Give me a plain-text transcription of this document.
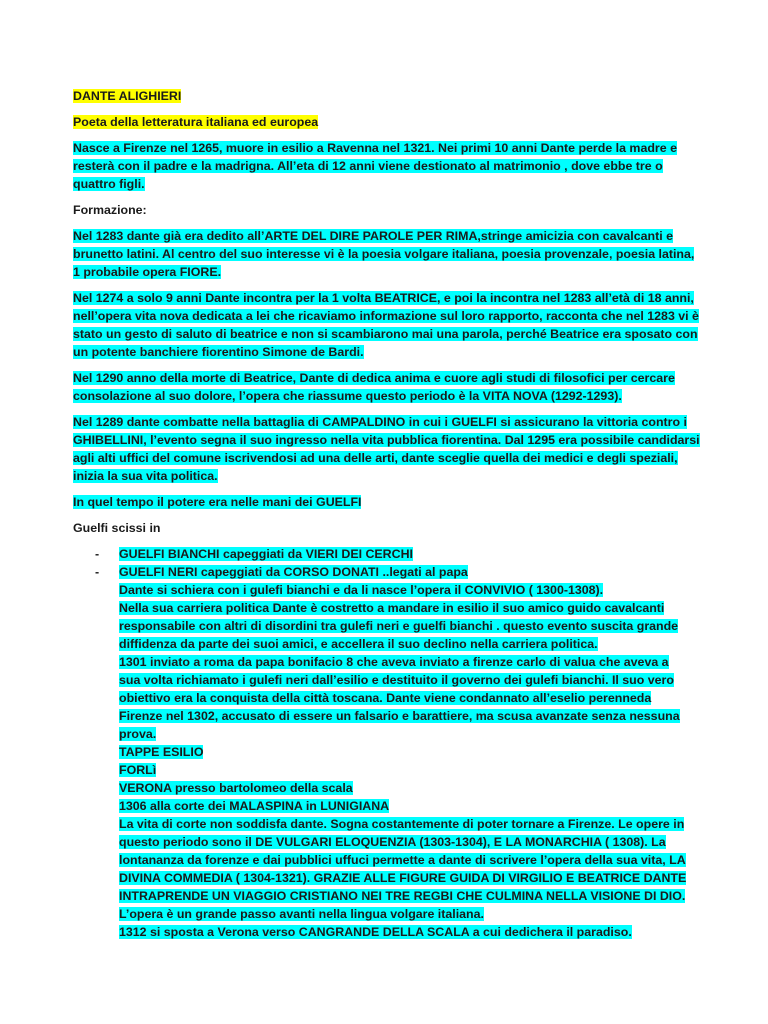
DANTE ALIGHIERI

Poeta della letteratura italiana ed europea

Nasce a Firenze nel 1265, muore in esilio a Ravenna nel 1321. Nei primi 10 anni Dante perde la madre e resterà con il padre e la madrigna. All’eta di 12 anni viene destionato al matrimonio , dove ebbe tre o quattro figli.

Formazione:

Nel 1283 dante già era dedito all’ARTE DEL DIRE PAROLE PER RIMA,stringe amicizia con cavalcanti e brunetto latini. Al centro del suo interesse vi è la poesia volgare italiana, poesia provenzale, poesia latina, 1 probabile opera FIORE.

Nel 1274 a solo 9 anni Dante incontra per la 1 volta BEATRICE, e poi la incontra nel 1283 all’età di 18 anni, nell’opera vita nova dedicata a lei che ricaviamo informazione sul loro rapporto, racconta che nel 1283 vi è stato un gesto di saluto di beatrice e non si scambiarono mai una parola, perché Beatrice era sposato con un potente banchiere fiorentino Simone de Bardi.

Nel 1290 anno della morte di Beatrice, Dante di dedica anima e cuore agli studi di filosofici per cercare consolazione al suo dolore, l’opera che riassume questo periodo è la VITA NOVA (1292-1293).

Nel 1289 dante combatte nella battaglia di CAMPALDINO in cui i GUELFI si assicurano la vittoria contro i GHIBELLINI, l’evento segna il suo ingresso nella vita pubblica fiorentina. Dal 1295 era possibile candidarsi agli alti uffici del comune iscrivendosi ad una delle arti, dante sceglie quella dei medici e degli speziali, inizia la sua vita politica.

In quel tempo il potere era nelle mani dei GUELFI

Guelfi scissi in

- GUELFI BIANCHI capeggiati da VIERI DEI CERCHI
- GUELFI NERI capeggiati da CORSO DONATI ..legati al papa
Dante si schiera con i gulefi bianchi e da li nasce l’opera il CONVIVIO ( 1300-1308).
Nella sua carriera politica Dante è costretto a mandare in esilio il suo amico guido cavalcanti
responsabile con altri di disordini tra gulefi neri e guelfi bianchi . questo evento suscita grande
diffidenza da parte dei suoi amici, e accellera il suo declino nella carriera politica.
1301 inviato a roma da papa bonifacio 8 che aveva inviato a firenze carlo di valua che aveva a
sua volta richiamato i gulefi neri dall’esilio e destituito il governo dei gulefi bianchi. Il suo vero
obiettivo era la conquista della città toscana. Dante viene condannato all’eselio perenneda
Firenze nel 1302, accusato di essere un falsario e barattiere, ma scusa avanzate senza nessuna
prova.
TAPPE ESILIO
FORLì
VERONA presso bartolomeo della scala
1306 alla corte dei MALASPINA in LUNIGIANA
La vita di corte non soddisfa dante. Sogna costantemente di poter tornare a Firenze. Le opere in
questo periodo sono il DE VULGARI ELOQUENZIA (1303-1304), E LA MONARCHIA ( 1308). La
lontananza da forenze e dai pubblici uffuci permette a dante di scrivere l’opera della sua vita, LA
DIVINA COMMEDIA ( 1304-1321). GRAZIE ALLE FIGURE GUIDA DI VIRGILIO E BEATRICE DANTE
INTRAPRENDE UN VIAGGIO CRISTIANO NEI TRE REGBI CHE CULMINA NELLA VISIONE DI DIO.
L’opera è un grande passo avanti nella lingua volgare italiana.
1312 si sposta a Verona verso CANGRANDE DELLA SCALA a cui dedichera il paradiso.
